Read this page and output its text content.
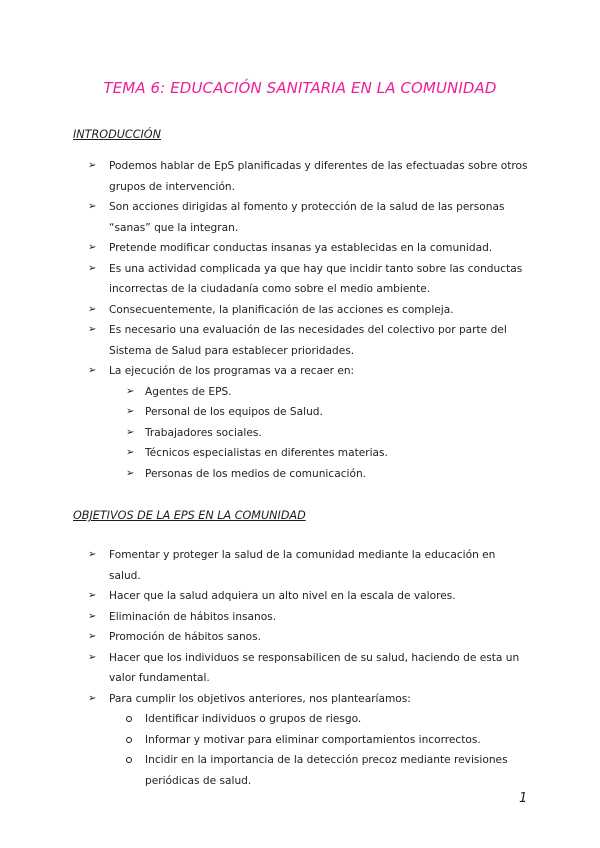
TEMA 6: EDUCACIÓN SANITARIA EN LA COMUNIDAD
INTRODUCCIÓN
➢ Podemos hablar de EpS planificadas y diferentes de las efectuadas sobre otros grupos de intervención.
➢ Son acciones dirigidas al fomento y protección de la salud de las personas “sanas” que la integran.
➢ Pretende modificar conductas insanas ya establecidas en la comunidad.
➢ Es una actividad complicada ya que hay que incidir tanto sobre las conductas incorrectas de la ciudadanía como sobre el medio ambiente.
➢ Consecuentemente, la planificación de las acciones es compleja.
➢ Es necesario una evaluación de las necesidades del colectivo por parte del Sistema de Salud para establecer prioridades.
➢ La ejecución de los programas va a recaer en:
➢ Agentes de EPS.
➢ Personal de los equipos de Salud.
➢ Trabajadores sociales.
➢ Técnicos especialistas en diferentes materias.
➢ Personas de los medios de comunicación.
OBJETIVOS DE LA EPS EN LA COMUNIDAD
➢ Fomentar y proteger la salud de la comunidad mediante la educación en salud.
➢ Hacer que la salud adquiera un alto nivel en la escala de valores.
➢ Eliminación de hábitos insanos.
➢ Promoción de hábitos sanos.
➢ Hacer que los individuos se responsabilicen de su salud, haciendo de esta un valor fundamental.
➢ Para cumplir los objetivos anteriores, nos plantearíamos:
Identificar individuos o grupos de riesgo.
Informar y motivar para eliminar comportamientos incorrectos.
Incidir en la importancia de la detección precoz mediante revisiones periódicas de salud.
1
